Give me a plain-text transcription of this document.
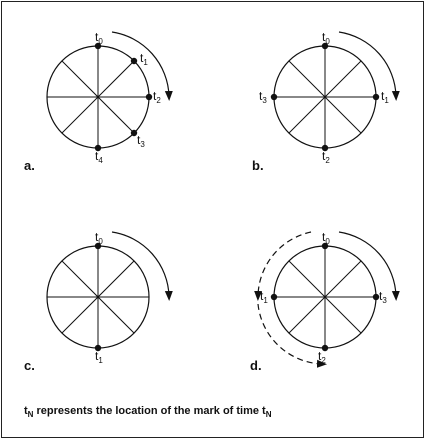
$t_0$
$t_1$
$t_2$
$t_3$
$t_4$
a.
$t_0$
$t_1$
$t_2$
$t_3$
b.
$t_0$
$t_1$
c.
$t_0$
$t_1$
$t_2$
$t_3$
d.
$t_N$ represents the location of the mark of time $t_N$
